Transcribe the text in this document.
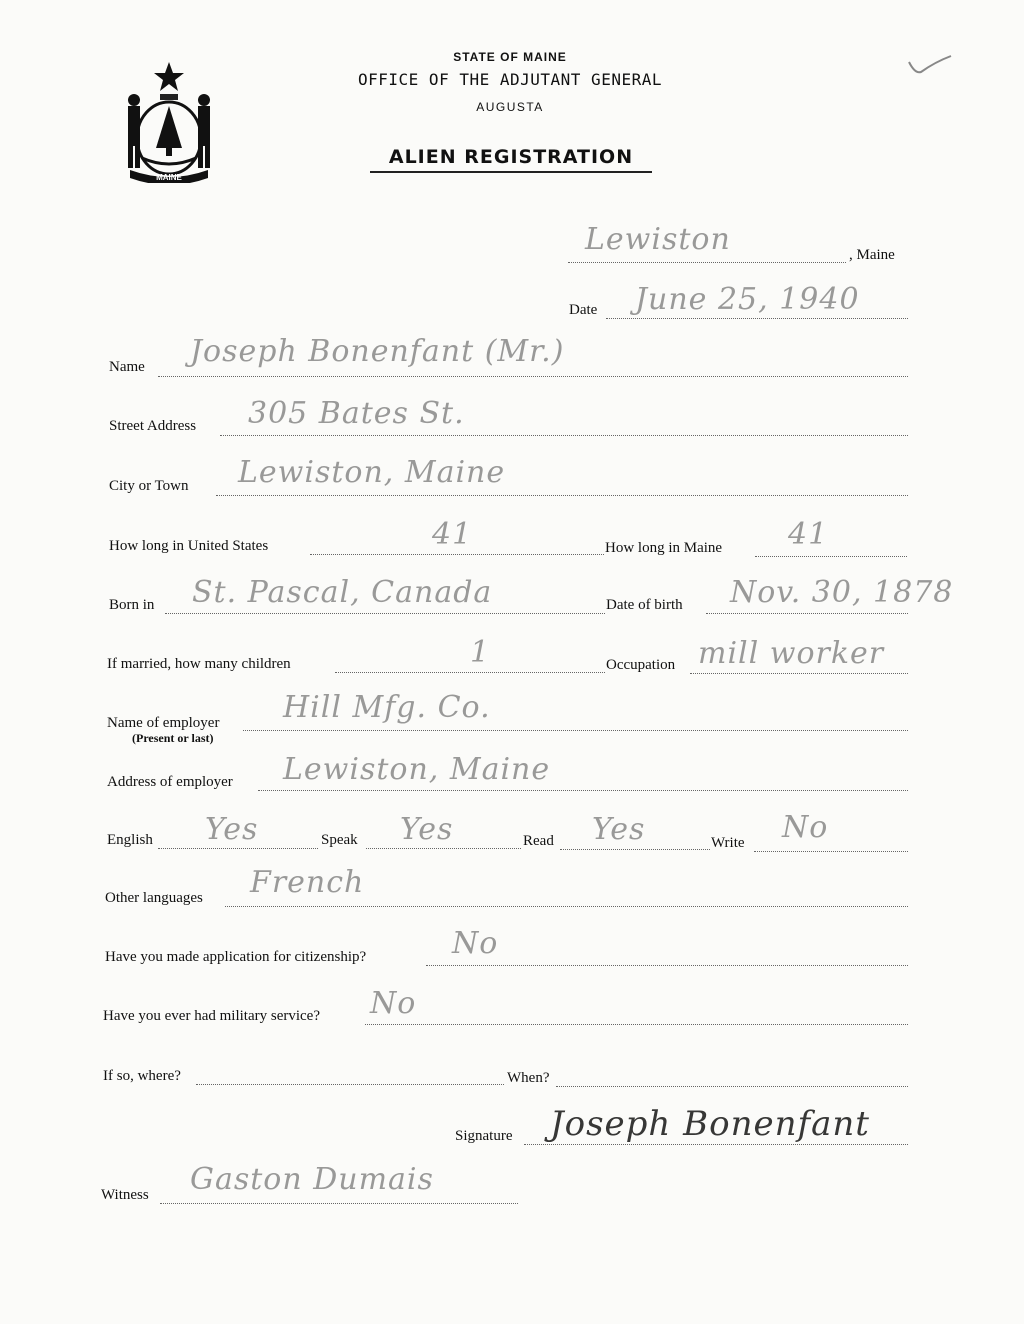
MAINE
STATE OF MAINE
OFFICE OF THE ADJUTANT GENERAL
AUGUSTA
ALIEN REGISTRATION
Lewiston	, Maine
Date June 25, 1940
Name Joseph Bonenfant (Mr.)
Street Address 305 Bates St.
City or Town Lewiston, Maine
How long in United States	41	How long in Maine 41
Born in St. Pascal, Canada	Date of birth Nov. 30, 1878
If married, how many children	1	Occupation mill worker
Name of employer
(Present or last)
Hill Mfg. Co.
Address of employer Lewiston, Maine
English Yes	Speak Yes	Read Yes	Write No
Other languages French
Have you made application for citizenship?	No
Have you ever had military service? No
If so, where?	When?
Signature Joseph Bonenfant
Witness Gaston Dumais
